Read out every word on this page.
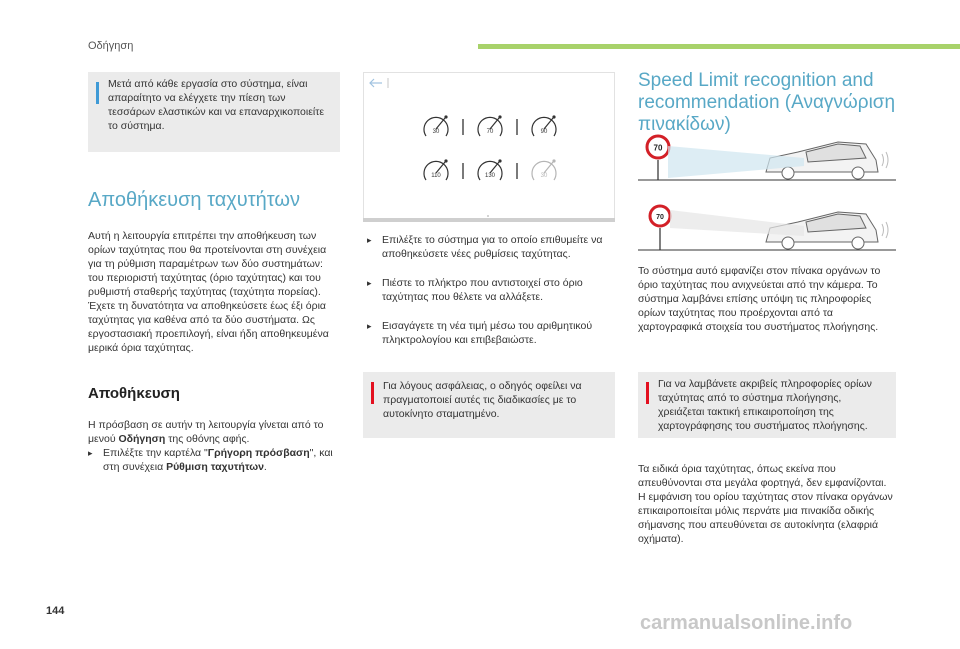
Οδήγηση
Μετά από κάθε εργασία στο σύστημα, είναι απαραίτητο να ελέγχετε την πίεση των τεσσάρων ελαστικών και να επαναρχικοποιείτε το σύστημα.
Αποθήκευση ταχυτήτων
Αυτή η λειτουργία επιτρέπει την αποθήκευση των ορίων ταχύτητας που θα προτείνονται στη συνέχεια για τη ρύθμιση παραμέτρων των δύο συστημάτων: του περιοριστή ταχύτητας (όριο ταχύτητας) και του ρυθμιστή σταθερής ταχύτητας (ταχύτητα πορείας). Έχετε τη δυνατότητα να αποθηκεύσετε έως έξι όρια ταχύτητας για καθένα από τα δύο συστήματα. Ως εργοστασιακή προεπιλογή, είναι ήδη αποθηκευμένα μερικά όρια ταχύτητας.
Αποθήκευση
Η πρόσβαση σε αυτήν τη λειτουργία γίνεται από το μενού Οδήγηση της οθόνης αφής.
▸ Επιλέξτε την καρτέλα "Γρήγορη πρόσβαση", και στη συνέχεια Ρύθμιση ταχυτήτων.
30	70	90
110	130	30
▸ Επιλέξτε το σύστημα για το οποίο επιθυμείτε να αποθηκεύσετε νέες ρυθμίσεις ταχύτητας.
▸ Πιέστε το πλήκτρο που αντιστοιχεί στο όριο ταχύτητας που θέλετε να αλλάξετε.
▸ Εισαγάγετε τη νέα τιμή μέσω του αριθμητικού πληκτρολογίου και επιβεβαιώστε.
Για λόγους ασφάλειας, ο οδηγός οφείλει να πραγματοποιεί αυτές τις διαδικασίες με το αυτοκίνητο σταματημένο.
Speed Limit recognition and
recommendation (Αναγνώριση πινακίδων)
70
70
Το σύστημα αυτό εμφανίζει στον πίνακα οργάνων το όριο ταχύτητας που ανιχνεύεται από την κάμερα. Το σύστημα λαμβάνει επίσης υπόψη τις πληροφορίες ορίων ταχύτητας που προέρχονται από τα χαρτογραφικά στοιχεία του συστήματος πλοήγησης.
Για να λαμβάνετε ακριβείς πληροφορίες ορίων ταχύτητας από το σύστημα πλοήγησης, χρειάζεται τακτική επικαιροποίηση της χαρτογράφησης του συστήματος πλοήγησης.
Τα ειδικά όρια ταχύτητας, όπως εκείνα που απευθύνονται στα μεγάλα φορτηγά, δεν εμφανίζονται. Η εμφάνιση του ορίου ταχύτητας στον πίνακα οργάνων επικαιροποιείται μόλις περνάτε μια πινακίδα οδικής σήμανσης που απευθύνεται σε αυτοκίνητα (ελαφριά οχήματα).
144
carmanualsonline.info
